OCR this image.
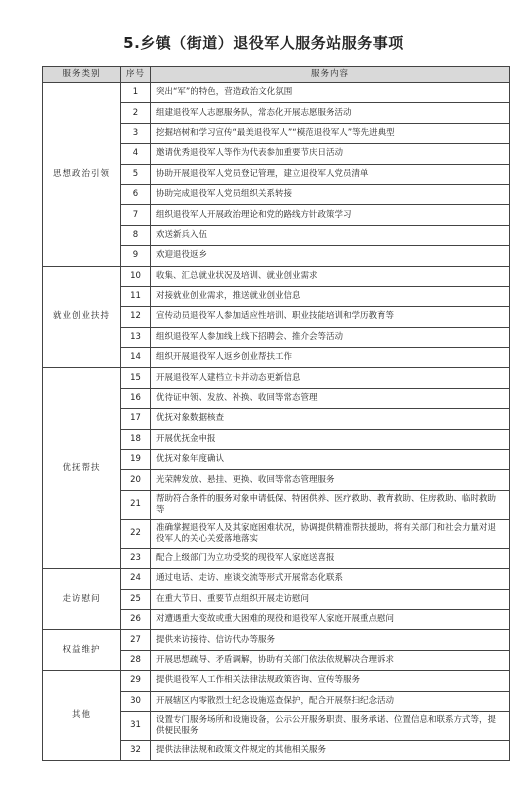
5.乡镇（街道）退役军人服务站服务事项
服务类别	序号	服务内容
思想政治引领	1	突出“军”的特色，营造政治文化氛围
	2	组建退役军人志愿服务队，常态化开展志愿服务活动
	3	挖掘培树和学习宣传“最美退役军人”“模范退役军人”等先进典型
	4	邀请优秀退役军人等作为代表参加重要节庆日活动
	5	协助开展退役军人党员登记管理，建立退役军人党员清单
	6	协助完成退役军人党员组织关系转接
	7	组织退役军人开展政治理论和党的路线方针政策学习
	8	欢送新兵入伍
	9	欢迎退役返乡
就业创业扶持	10	收集、汇总就业状况及培训、就业创业需求
	11	对接就业创业需求，推送就业创业信息
	12	宣传动员退役军人参加适应性培训、职业技能培训和学历教育等
	13	组织退役军人参加线上线下招聘会、推介会等活动
	14	组织开展退役军人返乡创业帮扶工作
优抚帮扶	15	开展退役军人建档立卡并动态更新信息
	16	优待证申领、发放、补换、收回等常态管理
	17	优抚对象数据核查
	18	开展优抚金申报
	19	优抚对象年度确认
	20	光荣牌发放、悬挂、更换、收回等常态管理服务
	21	帮助符合条件的服务对象申请低保、特困供养、医疗救助、教育救助、住房救助、临时救助等
	22	准确掌握退役军人及其家庭困难状况，协调提供精准帮扶援助，将有关部门和社会力量对退役军人的关心关爱落地落实
	23	配合上级部门为立功受奖的现役军人家庭送喜报
走访慰问	24	通过电话、走访、座谈交流等形式开展常态化联系
	25	在重大节日、重要节点组织开展走访慰问
	26	对遭遇重大变故或重大困难的现役和退役军人家庭开展重点慰问
权益维护	27	提供来访接待、信访代办等服务
	28	开展思想疏导、矛盾调解，协助有关部门依法依规解决合理诉求
其他	29	提供退役军人工作相关法律法规政策咨询、宣传等服务
	30	开展辖区内零散烈士纪念设施巡查保护，配合开展祭扫纪念活动
	31	设置专门服务场所和设施设备，公示公开服务职责、服务承诺、位置信息和联系方式等，提供便民服务
	32	提供法律法规和政策文件规定的其他相关服务
